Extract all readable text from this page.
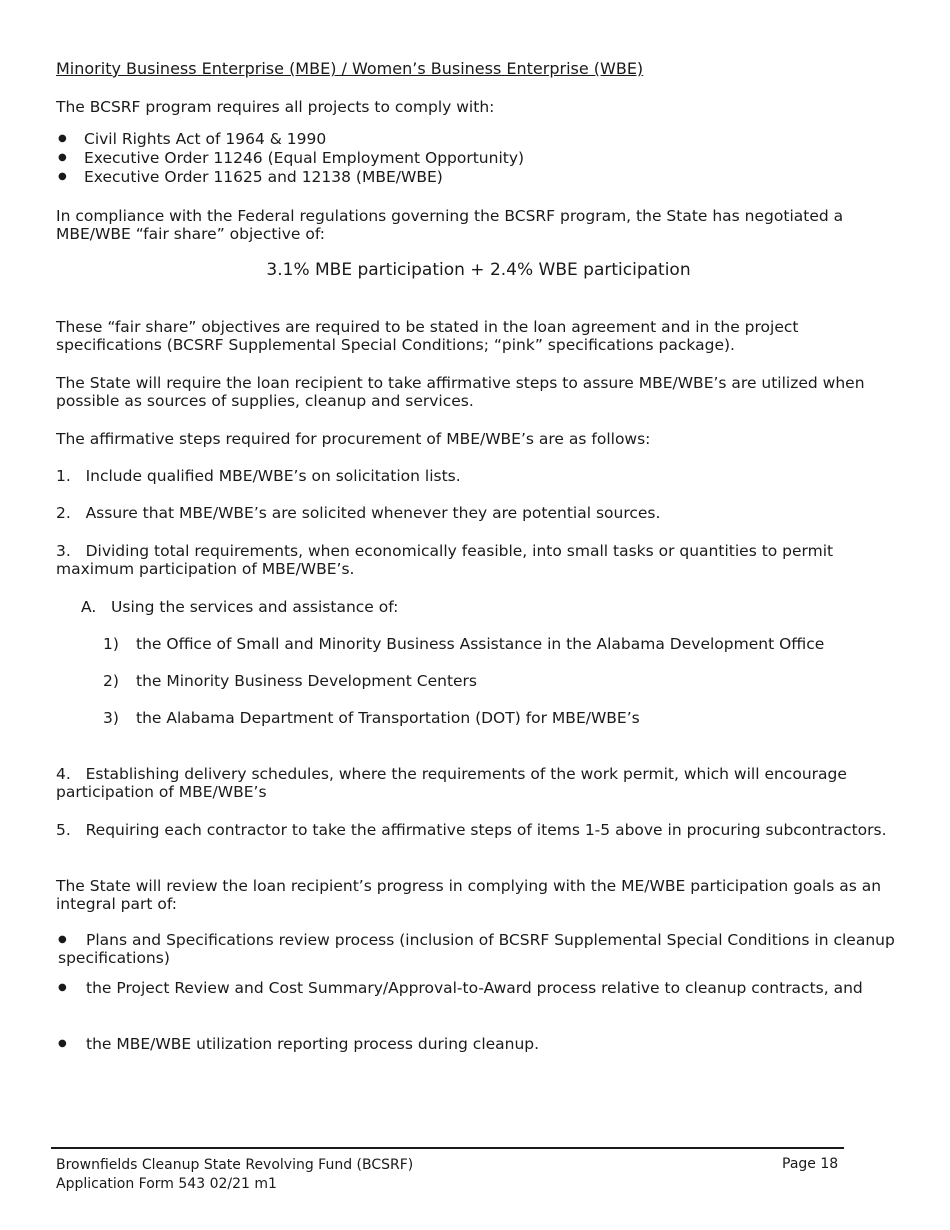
Minority Business Enterprise (MBE) / Women’s Business Enterprise (WBE)
The BCSRF program requires all projects to comply with:
● Civil Rights Act of 1964 & 1990
● Executive Order 11246 (Equal Employment Opportunity)
● Executive Order 11625 and 12138 (MBE/WBE)
In compliance with the Federal regulations governing the BCSRF program, the State has negotiated a MBE/WBE “fair share” objective of:
3.1% MBE participation + 2.4% WBE participation
These “fair share” objectives are required to be stated in the loan agreement and in the project specifications (BCSRF Supplemental Special Conditions; “pink” specifications package).
The State will require the loan recipient to take affirmative steps to assure MBE/WBE’s are utilized when possible as sources of supplies, cleanup and services.
The affirmative steps required for procurement of MBE/WBE’s are as follows:
1. Include qualified MBE/WBE’s on solicitation lists.
2. Assure that MBE/WBE’s are solicited whenever they are potential sources.
3. Dividing total requirements, when economically feasible, into small tasks or quantities to permit maximum participation of MBE/WBE’s.
A. Using the services and assistance of:
1) the Office of Small and Minority Business Assistance in the Alabama Development Office
2) the Minority Business Development Centers
3) the Alabama Department of Transportation (DOT) for MBE/WBE’s
4. Establishing delivery schedules, where the requirements of the work permit, which will encourage participation of MBE/WBE’s
5. Requiring each contractor to take the affirmative steps of items 1-5 above in procuring subcontractors.
The State will review the loan recipient’s progress in complying with the ME/WBE participation goals as an integral part of:
●	Plans and Specifications review process (inclusion of BCSRF Supplemental Special Conditions in cleanup specifications)
●	the Project Review and Cost Summary/Approval-to-Award process relative to cleanup contracts, and
● the MBE/WBE utilization reporting process during cleanup.
Brownfields Cleanup State Revolving Fund (BCSRF)
Application Form 543 02/21 m1
Page 18
